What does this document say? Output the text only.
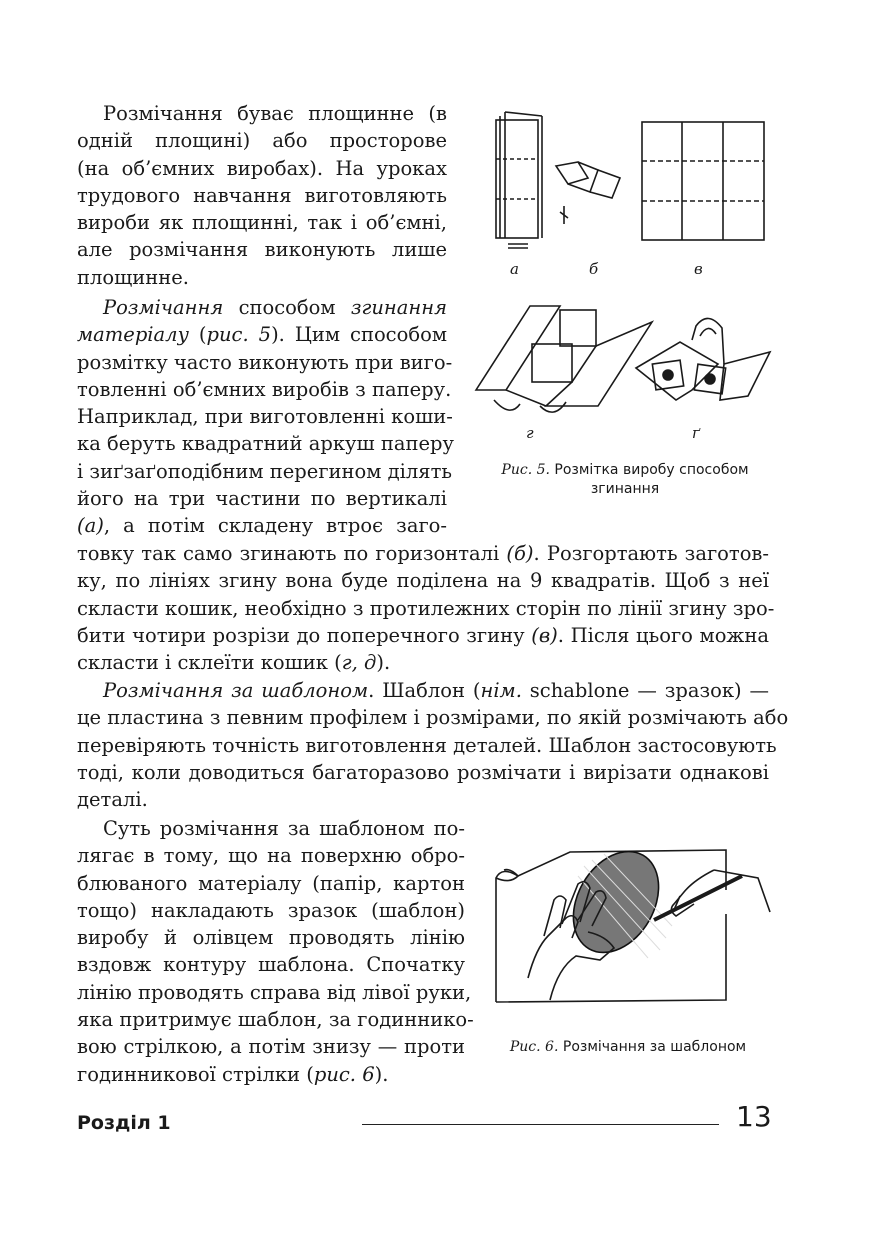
Розмічання буває площинне (в
одній площині) або просторове
(на об’ємних виробах). На уроках
трудового навчання виготовляють
вироби як площинні, так і об’ємні,
але розмічання виконують лише
площинне.
Розмічання способом згинання
матеріалу (рис. 5). Цим способом
розмітку часто виконують при виго-
товленні об’ємних виробів з паперу.
Наприклад, при виготовленні коши-
ка беруть квадратний аркуш паперу
і зиґзаґоподібним перегином ділять
його на три частини по вертикалі
(а), а потім складену втроє заго-
товку так само згинають по горизонталі (б). Розгортають заготов-
ку, по лініях згину вона буде поділена на 9 квадратів. Щоб з неї
скласти кошик, необхідно з протилежних сторін по лінії згину зро-
бити чотири розрізи до поперечного згину (в). Після цього можна
скласти і склеїти кошик (г, д).
Розмічання за шаблоном. Шаблон (нім. schablone — зразок) —
це пластина з певним профілем і розмірами, по якій розмічають або
перевіряють точність виготовлення деталей. Шаблон застосовують
тоді, коли доводиться багаторазово розмічати і вирізати однакові
деталі.
Суть розмічання за шаблоном по-
лягає в тому, що на поверхню обро-
блюваного матеріалу (папір, картон
тощо) накладають зразок (шаблон)
виробу й олівцем проводять лінію
вздовж контуру шаблона. Спочатку
лінію проводять справа від лівої руки,
яка притримує шаблон, за годиннико-
вою стрілкою, а потім знизу — проти
годинникової стрілки (рис. 6).
а	б	в
г	ґ
Рис. 5. Розмітка виробу способом
згинання
Рис. 6. Розмічання за шаблоном
Розділ 1	13
